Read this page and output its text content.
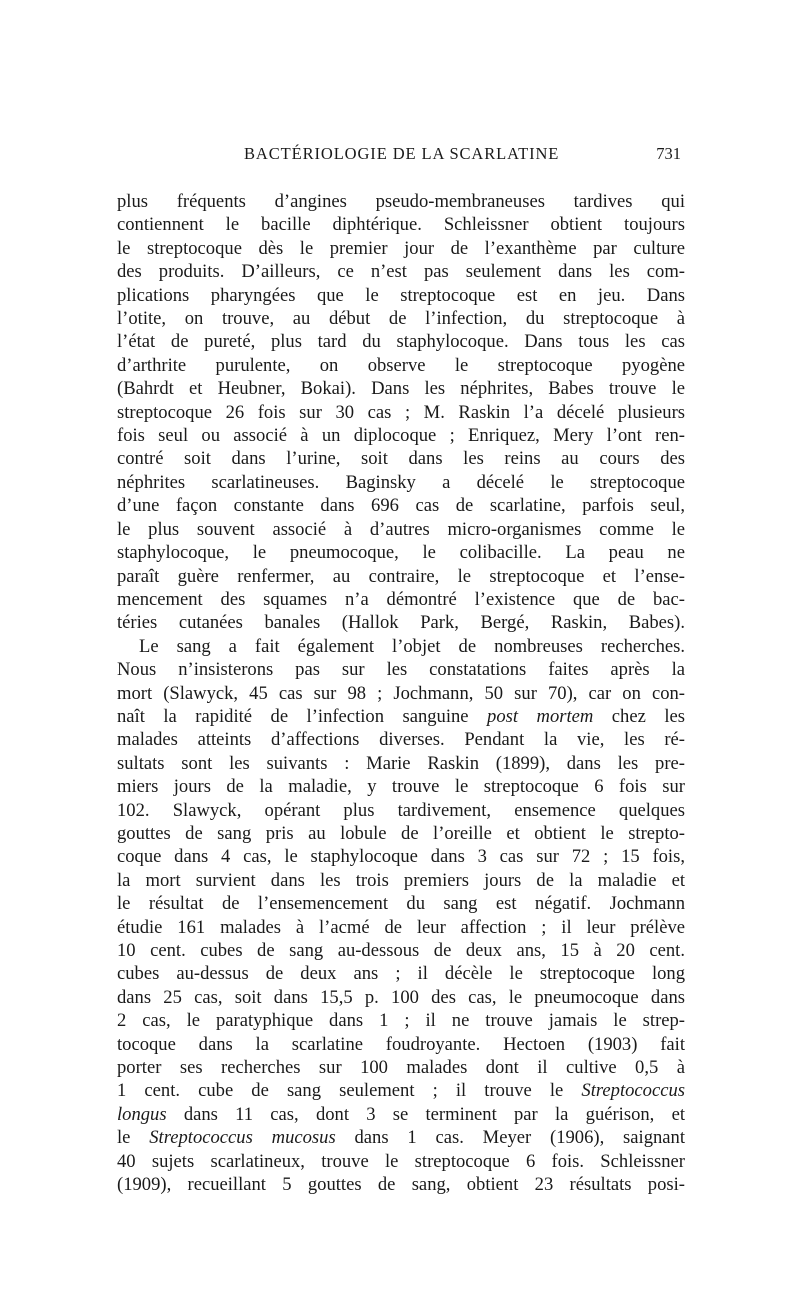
BACTÉRIOLOGIE DE LA SCARLATINE	731
plus fréquents d’angines pseudo-membraneuses tardives qui
contiennent le bacille diphtérique. Schleissner obtient toujours
le streptocoque dès le premier jour de l’exanthème par culture
des produits. D’ailleurs, ce n’est pas seulement dans les com-
plications pharyngées que le streptocoque est en jeu. Dans
l’otite, on trouve, au début de l’infection, du streptocoque à
l’état de pureté, plus tard du staphylocoque. Dans tous les cas
d’arthrite purulente, on observe le streptocoque pyogène
(Bahrdt et Heubner, Bokai). Dans les néphrites, Babes trouve le
streptocoque 26 fois sur 30 cas ; M. Raskin l’a décelé plusieurs
fois seul ou associé à un diplocoque ; Enriquez, Mery l’ont ren-
contré soit dans l’urine, soit dans les reins au cours des
néphrites scarlatineuses. Baginsky a décelé le streptocoque
d’une façon constante dans 696 cas de scarlatine, parfois seul,
le plus souvent associé à d’autres micro-organismes comme le
staphylocoque, le pneumocoque, le colibacille. La peau ne
paraît guère renfermer, au contraire, le streptocoque et l’ense-
mencement des squames n’a démontré l’existence que de bac-
téries cutanées banales (Hallok Park, Bergé, Raskin, Babes).
Le sang a fait également l’objet de nombreuses recherches.
Nous n’insisterons pas sur les constatations faites après la
mort (Slawyck, 45 cas sur 98 ; Jochmann, 50 sur 70), car on con-
naît la rapidité de l’infection sanguine post mortem chez les
malades atteints d’affections diverses. Pendant la vie, les ré-
sultats sont les suivants : Marie Raskin (1899), dans les pre-
miers jours de la maladie, y trouve le streptocoque 6 fois sur
102. Slawyck, opérant plus tardivement, ensemence quelques
gouttes de sang pris au lobule de l’oreille et obtient le strepto-
coque dans 4 cas, le staphylocoque dans 3 cas sur 72 ; 15 fois,
la mort survient dans les trois premiers jours de la maladie et
le résultat de l’ensemencement du sang est négatif. Jochmann
étudie 161 malades à l’acmé de leur affection ; il leur prélève
10 cent. cubes de sang au-dessous de deux ans, 15 à 20 cent.
cubes au-dessus de deux ans ; il décèle le streptocoque long
dans 25 cas, soit dans 15,5 p. 100 des cas, le pneumocoque dans
2 cas, le paratyphique dans 1 ; il ne trouve jamais le strep-
tocoque dans la scarlatine foudroyante. Hectoen (1903) fait
porter ses recherches sur 100 malades dont il cultive 0,5 à
1 cent. cube de sang seulement ; il trouve le Streptococcus
longus dans 11 cas, dont 3 se terminent par la guérison, et
le Streptococcus mucosus dans 1 cas. Meyer (1906), saignant
40 sujets scarlatineux, trouve le streptocoque 6 fois. Schleissner
(1909), recueillant 5 gouttes de sang, obtient 23 résultats posi-
